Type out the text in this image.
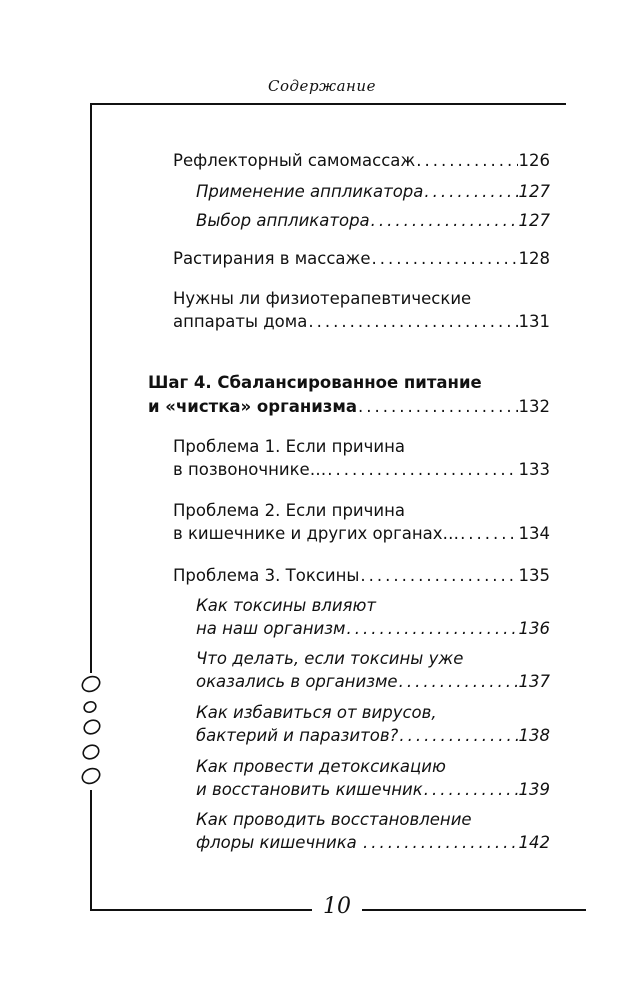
Содержание
Рефлекторный самомассаж .....	126
Применение аппликатора .....	127
Выбор аппликатора .....	127
Растирания в массаже .....	128
Нужны ли физиотерапевтические
аппараты дома .....	131
Шаг 4. Сбалансированное питание
и «чистка» организма .....	132
Проблема 1. Если причина
в позвоночнике… .....	133
Проблема 2. Если причина
в кишечнике и других органах… .....	134
Проблема 3. Токсины .....	135
Как токсины влияют
на наш организм .....	136
Что делать, если токсины уже
оказались в организме .....	137
Как избавиться от вирусов,
бактерий и паразитов? .....	138
Как провести детоксикацию
и восстановить кишечник .....	139
Как проводить восстановление
флоры кишечника .....	142
10
